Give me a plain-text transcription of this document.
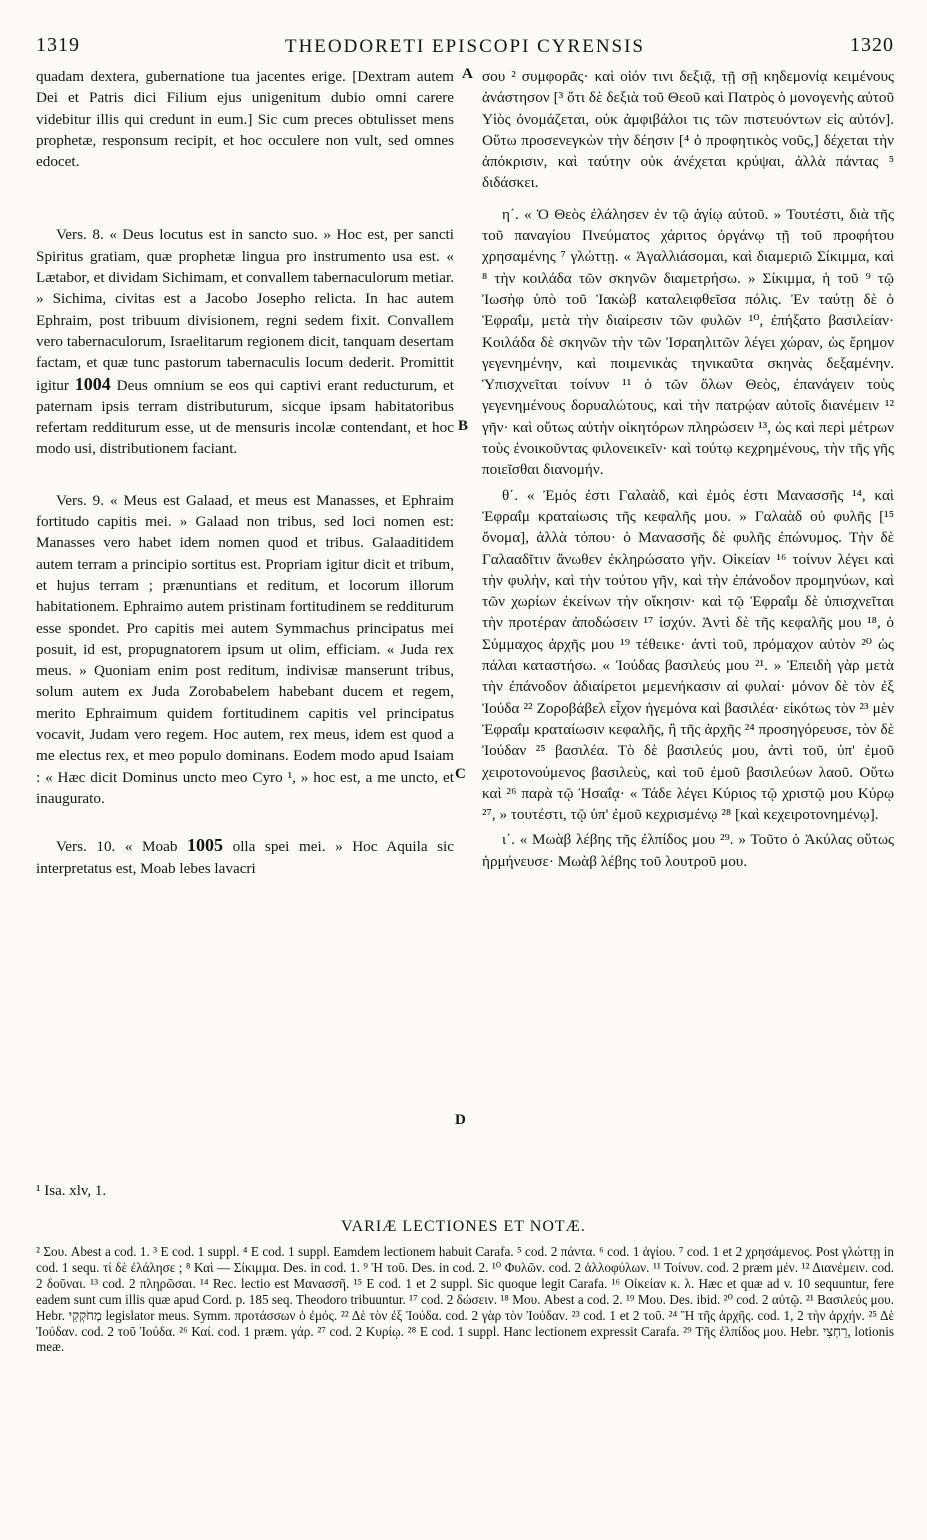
1319	THEODORETI EPISCOPI CYRENSIS	1320

quadam dextera, gubernatione tua jacentes erige. [Dextram autem Dei et Patris dici Filium ejus unigenitum dubio omni carere videbitur illis qui credunt in eum.] Sic cum preces obtulisset mens prophetæ, responsum recipit, et hoc occulere non vult, sed omnes edocet.

Vers. 8. « Deus locutus est in sancto suo. » Hoc est, per sancti Spiritus gratiam, quæ prophetæ lingua pro instrumento usa est. « Lætabor, et dividam Sichimam, et convallem tabernaculorum metiar. » Sichima, civitas est a Jacobo Josepho relicta. In hac autem Ephraim, post tribuum divisionem, regni sedem fixit. Convallem vero tabernaculorum, Israelitarum regionem dicit, tanquam desertam factam, et quæ tunc pastorum tabernaculis locum dederit. Promittit igitur 1004 Deus omnium se eos qui captivi erant reducturum, et paternam ipsis terram distributurum, sicque ipsam habitatoribus refertam redditurum esse, ut de mensuris incolæ contendant, et hoc modo usi, distributionem faciant.

Vers. 9. « Meus est Galaad, et meus est Manasses, et Ephraim fortitudo capitis mei. » Galaad non tribus, sed loci nomen est: Manasses vero habet idem nomen quod et tribus. Galaaditidem autem terram a principio sortitus est. Propriam igitur dicit et tribum, et hujus terram ; prænuntians et reditum, et locorum illorum habitationem. Ephraimo autem pristinam fortitudinem se redditurum esse spondet. Pro capitis mei autem Symmachus principatus mei posuit, id est, propugnatorem ipsum ut olim, efficiam. « Juda rex meus. » Quoniam enim post reditum, indivisæ manserunt tribus, solum autem ex Juda Zorobabelem habebant ducem et regem, merito Ephraimum quidem fortitudinem capitis vel principatus vocavit, Judam vero regem. Hoc autem, rex meus, idem est quod a me electus rex, et meo populo dominans. Eodem modo apud Isaiam : « Hæc dicit Dominus uncto meo Cyro ¹, » hoc est, a me uncto, et inaugurato.

Vers. 10. « Moab 1005 olla spei mei. » Hoc Aquila sic interpretatus est, Moab lebes lavacri

A
B
C
D

σου ² συμφορᾶς· καὶ οἱόν τινι δεξιᾷ, τῇ σῇ κηδεμονίᾳ κειμένους ἀνάστησον [³ ὅτι δὲ δεξιὰ τοῦ Θεοῦ καὶ Πατρὸς ὁ μονογενὴς αὐτοῦ Υἱὸς ὀνομάζεται, οὐκ ἀμφιβάλοι τις τῶν πιστευόντων εἰς αὐτόν]. Οὕτω προσενεγκὼν τὴν δέησιν [⁴ ὁ προφητικὸς νοῦς,] δέχεται τὴν ἀπόκρισιν, καὶ ταύτην οὐκ ἀνέχεται κρύψαι, ἀλλὰ πάντας ⁵ διδάσκει.

η΄. « Ὁ Θεὸς ἐλάλησεν ἐν τῷ ἁγίῳ αὐτοῦ. » Τουτέστι, διὰ τῆς τοῦ παναγίου Πνεύματος χάριτος ὀργάνῳ τῇ τοῦ προφήτου χρησαμένης ⁷ γλώττῃ. « Ἀγαλλιάσομαι, καὶ διαμεριῶ Σίκιμμα, καὶ ⁸ τὴν κοιλάδα τῶν σκηνῶν διαμετρήσω. » Σίκιμμα, ἡ τοῦ ⁹ τῷ Ἰωσὴφ ὑπὸ τοῦ Ἰακὼβ καταλειφθεῖσα πόλις. Ἐν ταύτῃ δὲ ὁ Ἐφραΐμ, μετὰ τὴν διαίρεσιν τῶν φυλῶν ¹⁰, ἐπήξατο βασιλείαν· Κοιλάδα δὲ σκηνῶν τὴν τῶν Ἰσραηλιτῶν λέγει χώραν, ὡς ἔρημον γεγενημένην, καὶ ποιμενικὰς τηνικαῦτα σκηνὰς δεξαμένην. Ὑπισχνεῖται τοίνυν ¹¹ ὁ τῶν ὅλων Θεὸς, ἐπανάγειν τοὺς γεγενημένους δορυαλώτους, καὶ τὴν πατρῴαν αὐτοῖς διανέμειν ¹² γῆν· καὶ οὕτως αὐτὴν οἰκητόρων πληρώσειν ¹³, ὡς καὶ περὶ μέτρων τοὺς ἐνοικοῦντας φιλονεικεῖν· καὶ τούτῳ κεχρημένους, τὴν τῆς γῆς ποιεῖσθαι διανομήν.

θ΄. « Ἐμός ἐστι Γαλαὰδ, καὶ ἐμός ἐστι Μανασσῆς ¹⁴, καὶ Ἐφραΐμ κραταίωσις τῆς κεφαλῆς μου. » Γαλαὰδ οὐ φυλῆς [¹⁵ ὄνομα], ἀλλὰ τόπου· ὁ Μανασσῆς δὲ φυλῆς ἐπώνυμος. Τὴν δὲ Γαλααδῖτιν ἄνωθεν ἐκληρώσατο γῆν. Οἰκείαν ¹⁶ τοίνυν λέγει καὶ τὴν φυλὴν, καὶ τὴν τούτου γῆν, καὶ τὴν ἐπάνοδον προμηνύων, καὶ τῶν χωρίων ἐκείνων τὴν οἴκησιν· καὶ τῷ Ἐφραΐμ δὲ ὑπισχνεῖται τὴν προτέραν ἀποδώσειν ¹⁷ ἰσχύν. Ἀντὶ δὲ τῆς κεφαλῆς μου ¹⁸, ὁ Σύμμαχος ἀρχῆς μου ¹⁹ τέθεικε· ἀντὶ τοῦ, πρόμαχον αὐτὸν ²⁰ ὡς πάλαι καταστήσω. « Ἰούδας βασιλεύς μου ²¹. » Ἐπειδὴ γὰρ μετὰ τὴν ἐπάνοδον ἀδιαίρετοι μεμενήκασιν αἱ φυλαί· μόνον δὲ τὸν ἐξ Ἰούδα ²² Ζοροβάβελ εἶχον ἡγεμόνα καὶ βασιλέα· εἰκότως τὸν ²³ μὲν Ἐφραΐμ κραταίωσιν κεφαλῆς, ἢ τῆς ἀρχῆς ²⁴ προσηγόρευσε, τὸν δὲ Ἰούδαν ²⁵ βασιλέα. Τὸ δὲ βασιλεύς μου, ἀντὶ τοῦ, ὑπ' ἐμοῦ χειροτονούμενος βασιλεὺς, καὶ τοῦ ἐμοῦ βασιλεύων λαοῦ. Οὕτω καὶ ²⁶ παρὰ τῷ Ἡσαΐᾳ· « Τάδε λέγει Κύριος τῷ χριστῷ μου Κύρῳ ²⁷, » τουτέστι, τῷ ὑπ' ἐμοῦ κεχρισμένῳ ²⁸ [καὶ κεχειροτονημένῳ].

ι΄. « Μωὰβ λέβης τῆς ἐλπίδος μου ²⁹. » Τοῦτο ὁ Ἀκύλας οὕτως ἡρμήνευσε· Μωὰβ λέβης τοῦ λουτροῦ μου.

¹ Isa. xlv, 1.
VARIÆ LECTIONES ET NOTÆ.

² Σου. Abest a cod. 1. ³ E cod. 1 suppl. ⁴ E cod. 1 suppl. Eamdem lectionem habuit Carafa. ⁵ cod. 2 πάντα. ⁶ cod. 1 ἁγίου. ⁷ cod. 1 et 2 χρησάμενος. Post γλώττῃ in cod. 1 sequ. τί δὲ ἐλάλησε ; ⁸ Καὶ — Σίκιμμα. Des. in cod. 1. ⁹ Ἡ τοῦ. Des. in cod. 2. ¹⁰ Φυλῶν. cod. 2 ἀλλοφύλων. ¹¹ Τοίνυν. cod. 2 præm μέν. ¹² Διανέμειν. cod. 2 δοῦναι. ¹³ cod. 2 πληρῶσαι. ¹⁴ Rec. lectio est Μανασσῆ. ¹⁵ E cod. 1 et 2 suppl. Sic quoque legit Carafa. ¹⁶ Οἰκείαν κ. λ. Hæc et quæ ad v. 10 sequuntur, fere eadem sunt cum illis quæ apud Cord. p. 185 seq. Theodoro tribuuntur. ¹⁷ cod. 2 δώσειν. ¹⁸ Μου. Abest a cod. 2. ¹⁹ Μου. Des. ibid. ²⁰ cod. 2 αὐτῷ. ²¹ Βασιλεύς μου. Hebr. מְחֹקְקִי legislator meus. Symm. προτάσσων ὁ ἐμός. ²² Δὲ τὸν ἐξ Ἰούδα. cod. 2 γὰρ τὸν Ἰούδαν. ²³ cod. 1 et 2 τοῦ. ²⁴ Ἢ τῆς ἀρχῆς. cod. 1, 2 τὴν ἀρχήν. ²⁵ Δὲ Ἰούδαν. cod. 2 τοῦ Ἰούδα. ²⁶ Καί. cod. 1 præm. γάρ. ²⁷ cod. 2 Κυρίῳ. ²⁸ E cod. 1 suppl. Hanc lectionem expressit Carafa. ²⁹ Τῆς ἐλπίδος μου. Hebr. רַחְצִי, lotionis meæ.
